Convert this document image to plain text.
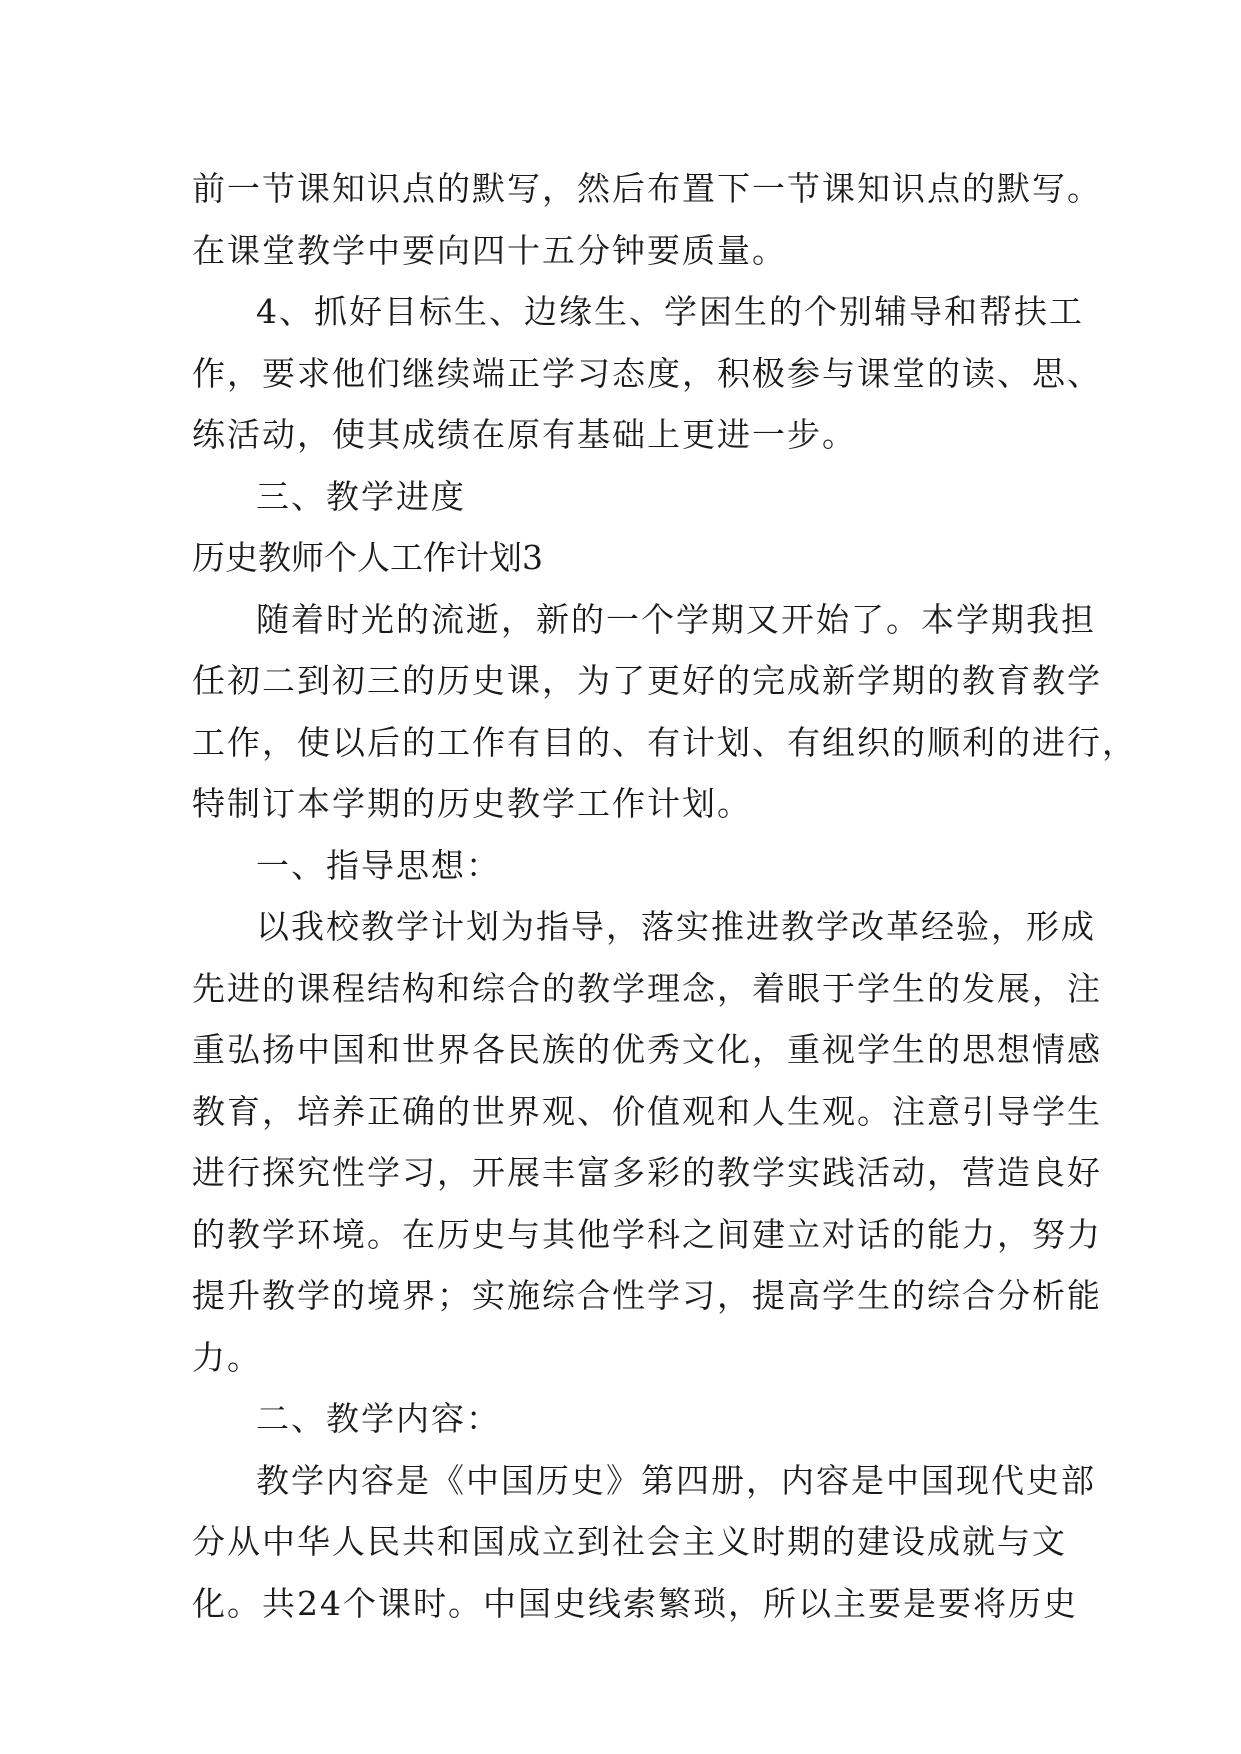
前一节课知识点的默写，然后布置下一节课知识点的默写。

在课堂教学中要向四十五分钟要质量。

4、抓好目标生、边缘生、学困生的个别辅导和帮扶工

作，要求他们继续端正学习态度，积极参与课堂的读、思、

练活动，使其成绩在原有基础上更进一步。

三、教学进度

历史教师个人工作计划3

随着时光的流逝，新的一个学期又开始了。本学期我担

任初二到初三的历史课，为了更好的完成新学期的教育教学

工作，使以后的工作有目的、有计划、有组织的顺利的进行，

特制订本学期的历史教学工作计划。

一、指导思想：

以我校教学计划为指导，落实推进教学改革经验，形成

先进的课程结构和综合的教学理念，着眼于学生的发展，注

重弘扬中国和世界各民族的优秀文化，重视学生的思想情感

教育，培养正确的世界观、价值观和人生观。注意引导学生

进行探究性学习，开展丰富多彩的教学实践活动，营造良好

的教学环境。在历史与其他学科之间建立对话的能力，努力

提升教学的境界；实施综合性学习，提高学生的综合分析能

力。

二、教学内容：

教学内容是《中国历史》第四册，内容是中国现代史部

分从中华人民共和国成立到社会主义时期的建设成就与文

化。共24个课时。中国史线索繁琐，所以主要是要将历史
